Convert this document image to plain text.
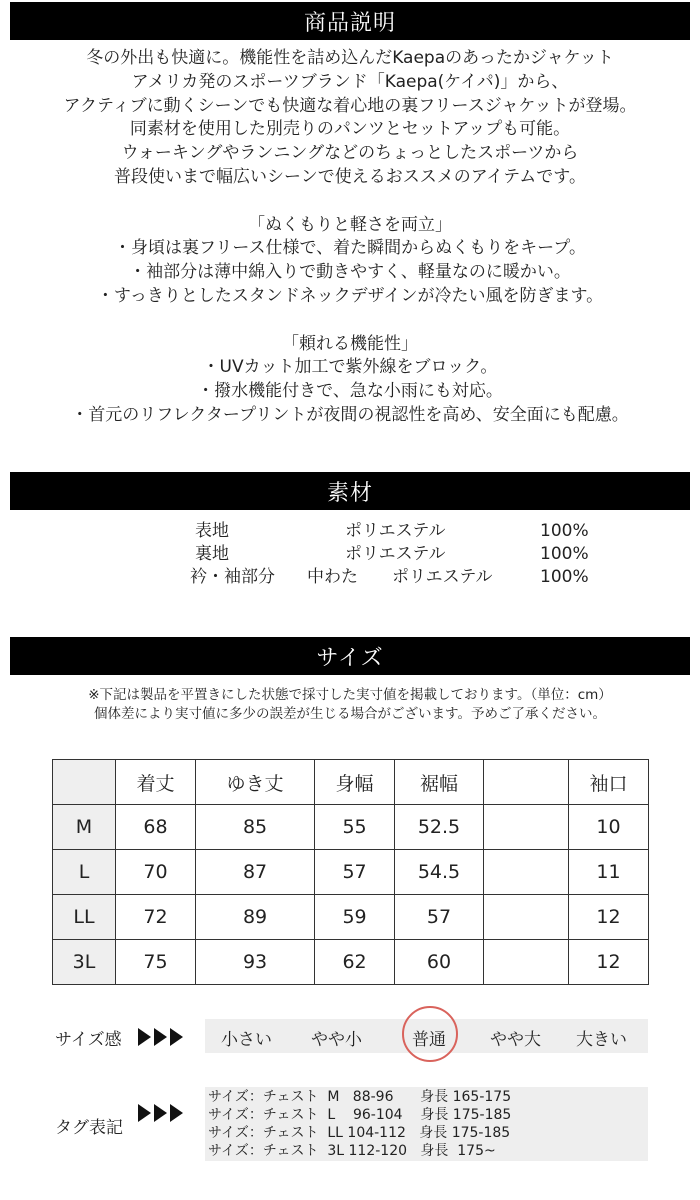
商品説明

冬の外出も快適に。機能性を詰め込んだKaepaのあったかジャケット

アメリカ発のスポーツブランド「Kaepa(ケイパ)」から、

アクティブに動くシーンでも快適な着心地の裏フリースジャケットが登場。

同素材を使用した別売りのパンツとセットアップも可能。

ウォーキングやランニングなどのちょっとしたスポーツから

普段使いまで幅広いシーンで使えるおススメのアイテムです。

「ぬくもりと軽さを両立」

・身頃は裏フリース仕様で、着た瞬間からぬくもりをキープ。

・袖部分は薄中綿入りで動きやすく、軽量なのに暖かい。

・すっきりとしたスタンドネックデザインが冷たい風を防ぎます。

「頼れる機能性」

・UVカット加工で紫外線をブロック。

・撥水機能付きで、急な小雨にも対応。

・首元のリフレクタープリントが夜間の視認性を高め、安全面にも配慮。

素材
表地	ポリエステル	100%
裏地	ポリエステル	100%
衿・袖部分 中わた ポリエステル	100%
サイズ
※下記は製品を平置きにした状態で採寸した実寸値を掲載しております。（単位：cm）
個体差により実寸値に多少の誤差が生じる場合がございます。予めご了承ください。
	着丈	ゆき丈	身幅	裾幅		袖口
M	68	85	55	52.5		10
L	70	87	57	54.5		11
LL	72	89	59	57		12
3L	75	93	62	60		12
サイズ感	小さい やや小	普通	やや大 大きい
タグ表記
サイズ：チェスト  M   88-96      身長 165-175
サイズ：チェスト  L    96-104    身長 175-185
サイズ：チェスト  LL 104-112   身長 175-185
サイズ：チェスト  3L 112-120   身長  175~
